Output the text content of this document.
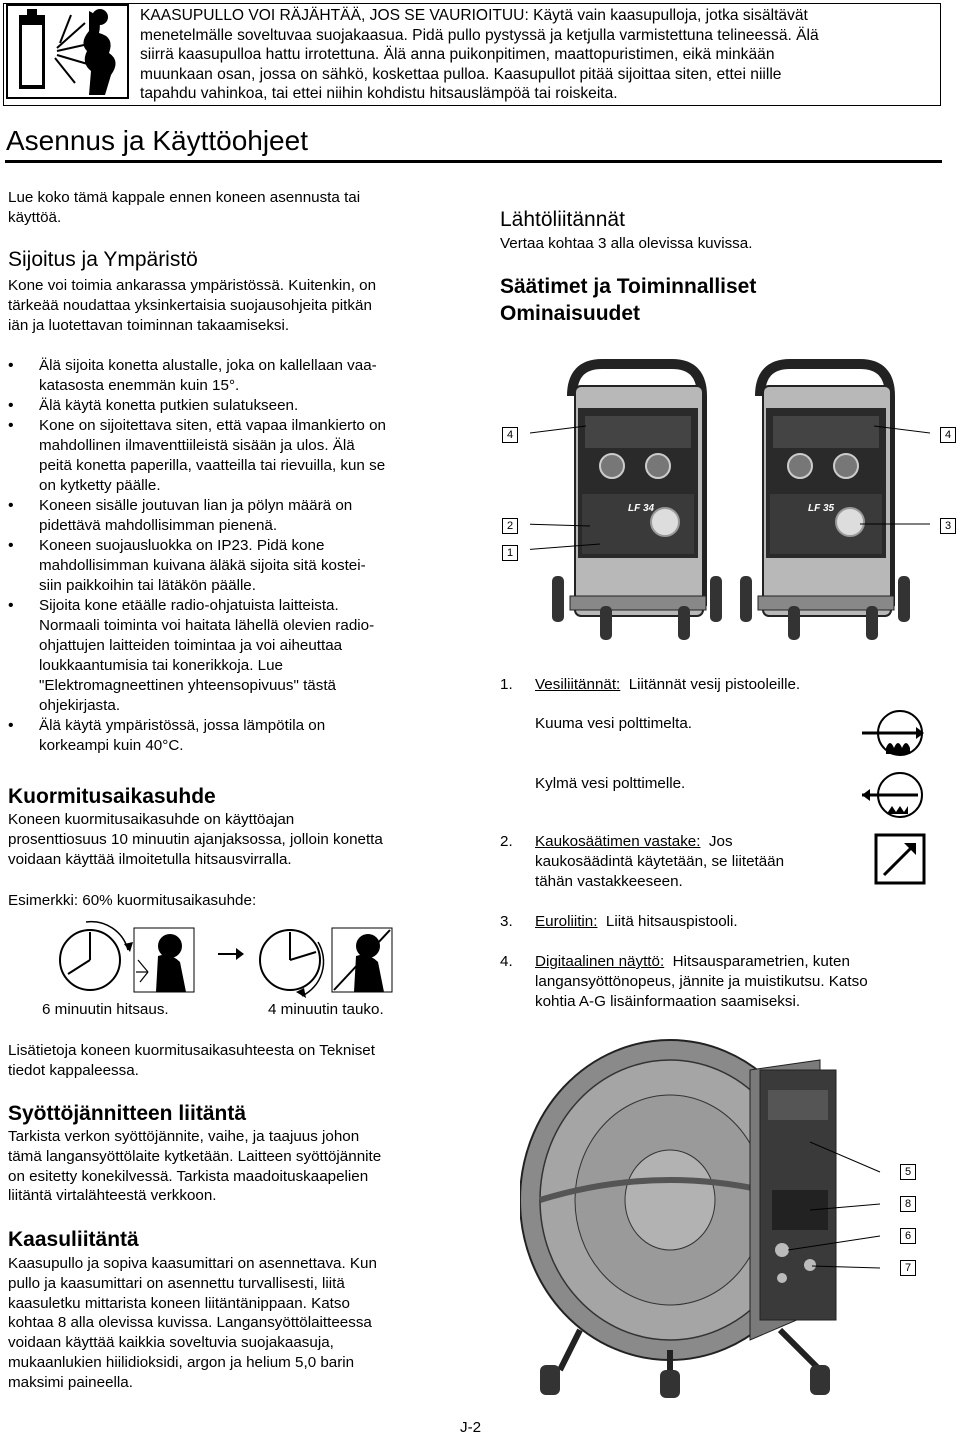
KAASUPULLO VOI RÄJÄHTÄÄ, JOS SE VAURIOITUU: Käytä vain kaasupulloja, jotka sisältävät
menetelmälle soveltuvaa suojakaasua. Pidä pullo pystyssä ja ketjulla varmistettuna telineessä. Älä
siirrä kaasupulloa hattu irrotettuna. Älä anna puikonpitimen, maattopuristimen, eikä minkään
muunkaan osan, jossa on sähkö, koskettaa pulloa. Kaasupullot pitää sijoittaa siten, ettei niille
tapahdu vahinkoa, tai ettei niihin kohdistu hitsauslämpöä tai roiskeita.
Asennus ja Käyttöohjeet
Lue koko tämä kappale ennen koneen asennusta tai
käyttöä.
Sijoitus ja Ympäristö
Kone voi toimia ankarassa ympäristössä. Kuitenkin, on
tärkeää noudattaa yksinkertaisia suojausohjeita pitkän
iän ja luotettavan toiminnan takaamiseksi.
• Älä sijoita konetta alustalle, joka on kallellaan vaa-
katasosta enemmän kuin 15°.
• Älä käytä konetta putkien sulatukseen.
• Kone on sijoitettava siten, että vapaa ilmankierto on
mahdollinen ilmaventtiileistä sisään ja ulos. Älä
peitä konetta paperilla, vaatteilla tai rievuilla, kun se
on kytketty päälle.
• Koneen sisälle joutuvan lian ja pölyn määrä on
pidettävä mahdollisimman pienenä.
• Koneen suojausluokka on IP23. Pidä kone
mahdollisimman kuivana äläkä sijoita sitä kostei-
siin paikkoihin tai lätäkön päälle.
• Sijoita kone etäälle radio-ohjatuista laitteista.
Normaali toiminta voi haitata lähellä olevien radio-
ohjattujen laitteiden toimintaa ja voi aiheuttaa
loukkaantumisia tai konerikkoja. Lue
"Elektromagneettinen yhteensopivuus" tästä
ohjekirjasta.
• Älä käytä ympäristössä, jossa lämpötila on
korkeampi kuin 40°C.
Kuormitusaikasuhde
Koneen kuormitusaikasuhde on käyttöajan
prosenttiosuus 10 minuutin ajanjaksossa, jolloin konetta
voidaan käyttää ilmoitetulla hitsausvirralla.
Esimerkki: 60% kuormitusaikasuhde:
6 minuutin hitsaus.	4 minuutin tauko.
Lisätietoja koneen kuormitusaikasuhteesta on Tekniset
tiedot kappaleessa.
Syöttöjännitteen liitäntä
Tarkista verkon syöttöjännite, vaihe, ja taajuus johon
tämä langansyöttölaite kytketään. Laitteen syöttöjännite
on esitetty konekilvessä. Tarkista maadoituskaapelien
liitäntä virtalähteestä verkkoon.
Kaasuliitäntä
Kaasupullo ja sopiva kaasumittari on asennettava. Kun
pullo ja kaasumittari on asennettu turvallisesti, liitä
kaasuletku mittarista koneen liitäntänippaan. Katso
kohtaa 8 alla olevissa kuvissa. Langansyöttölaitteessa
voidaan käyttää kaikkia soveltuvia suojakaasuja,
mukaanlukien hiilidioksidi, argon ja helium 5,0 barin
maksimi paineella.
Lähtöliitännät
Vertaa kohtaa 3 alla olevissa kuvissa.
Säätimet ja Toiminnalliset
Ominaisuudet
LF 34	LF 35
4	4
2
1
3
1. Vesiliitännät: Liitännät vesij pistooleille.
Kuuma vesi polttimelta.
Kylmä vesi polttimelle.
2. Kaukosäätimen vastake: Jos
kaukosäädintä käytetään, se liitetään
tähän vastakkeeseen.
3. Euroliitin: Liitä hitsauspistooli.
4. Digitaalinen näyttö: Hitsausparametrien, kuten
langansyöttönopeus, jännite ja muistikutsu. Katso
kohtia A-G lisäinformaation saamiseksi.
5
8
6
7
J-2
